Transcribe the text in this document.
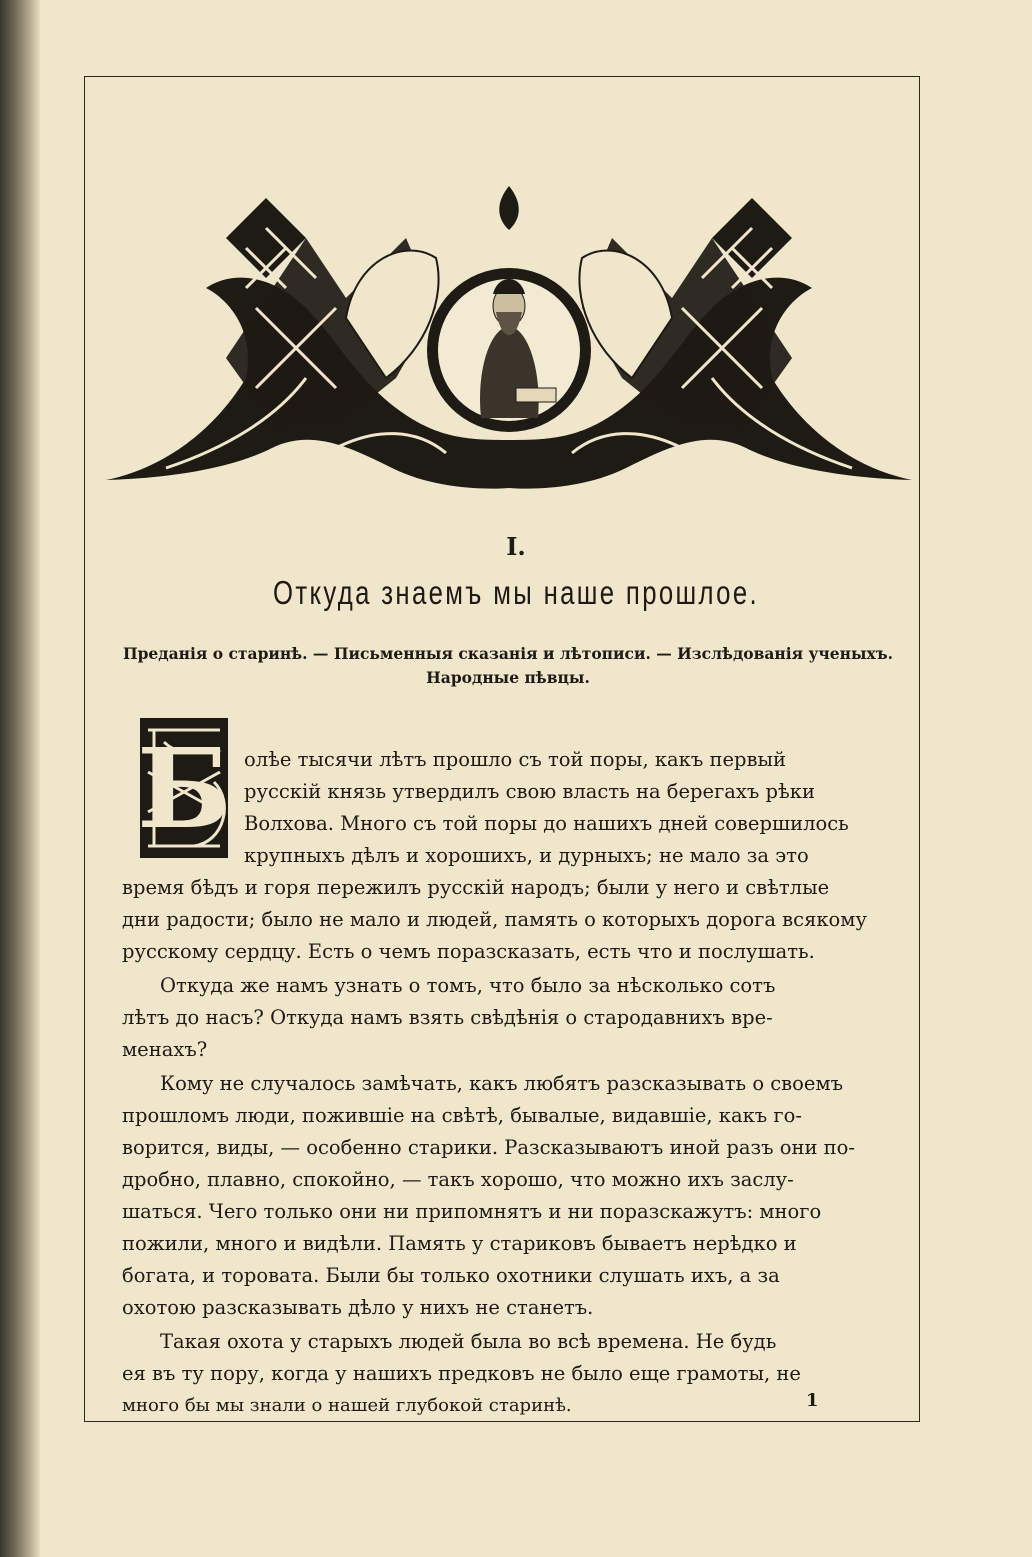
I.
Откуда знаемъ мы наше прошлое.
Преданія о старинѣ. — Письменныя сказанія и лѣтописи. — Изслѣдованія ученыхъ.
Народные пѣвцы.
Б олѣе тысячи лѣтъ прошло съ той поры, какъ первый
русскій князь утвердилъ свою власть на берегахъ рѣки
Волхова. Много съ той поры до нашихъ дней совершилось
крупныхъ дѣлъ и хорошихъ, и дурныхъ; не мало за это
время бѣдъ и горя пережилъ русскій народъ; были у него и свѣтлые
дни радости; было не мало и людей, память о которыхъ дорога всякому
русскому сердцу. Есть о чемъ поразсказать, есть что и послушать.
Откуда же намъ узнать о томъ, что было за нѣсколько сотъ
лѣтъ до насъ? Откуда намъ взять свѣдѣнія о стародавнихъ вре-
менахъ?
Кому не случалось замѣчать, какъ любятъ разсказывать о своемъ
прошломъ люди, пожившіе на свѣтѣ, бывалые, видавшіе, какъ го-
ворится, виды, — особенно старики. Разсказываютъ иной разъ они по-
дробно, плавно, спокойно, — такъ хорошо, что можно ихъ заслу-
шаться. Чего только они ни припомнятъ и ни поразскажутъ: много
пожили, много и видѣли. Память у стариковъ бываетъ нерѣдко и
богата, и торовата. Были бы только охотники слушать ихъ, а за
охотою разсказывать дѣло у нихъ не станетъ.
Такая охота у старыхъ людей была во всѣ времена. Не будь
ея въ ту пору, когда у нашихъ предковъ не было еще грамоты, не
много бы мы знали о нашей глубокой старинѣ.	1
